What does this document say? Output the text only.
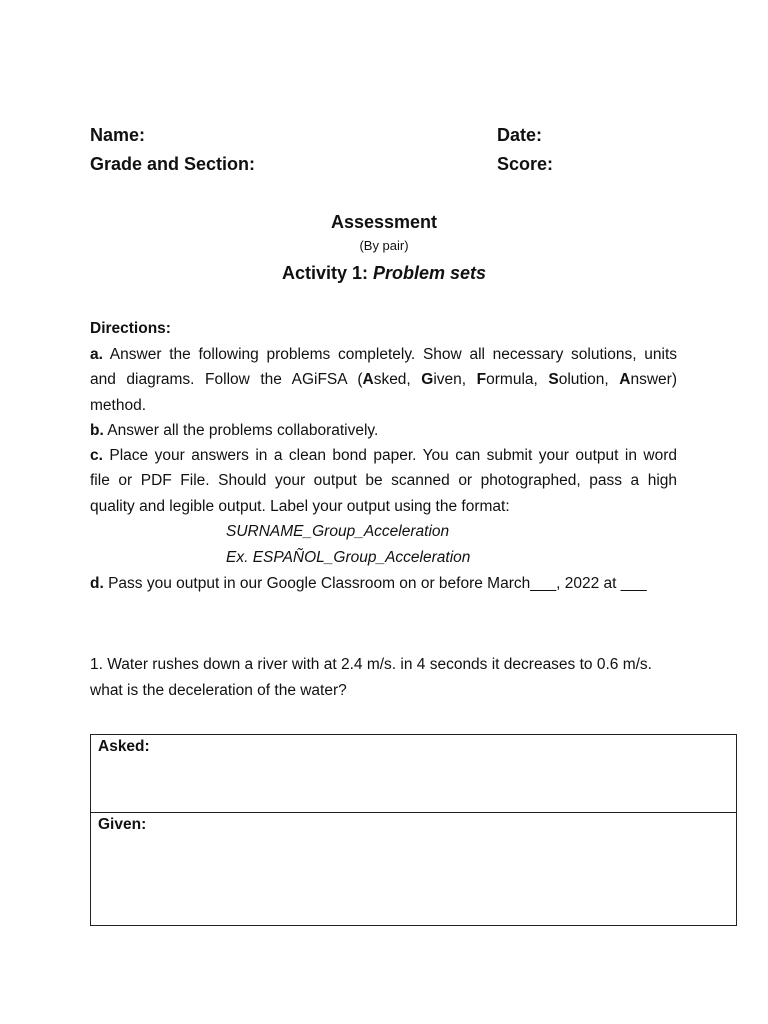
Name:	Date:
Grade and Section:	Score:
Assessment
(By pair)
Activity 1: Problem sets
Directions:
a. Answer the following problems completely. Show all necessary solutions, units
and diagrams. Follow the AGiFSA (Asked, Given, Formula, Solution, Answer)
method.
b. Answer all the problems collaboratively.
c. Place your answers in a clean bond paper. You can submit your output in word
file or PDF File. Should your output be scanned or photographed, pass a high
quality and legible output. Label your output using the format:
SURNAME_Group_Acceleration
Ex. ESPAÑOL_Group_Acceleration
d. Pass you output in our Google Classroom on or before March___, 2022 at ___
1. Water rushes down a river with at 2.4 m/s. in 4 seconds it decreases to 0.6 m/s.
what is the deceleration of the water?
Asked:
Given:
